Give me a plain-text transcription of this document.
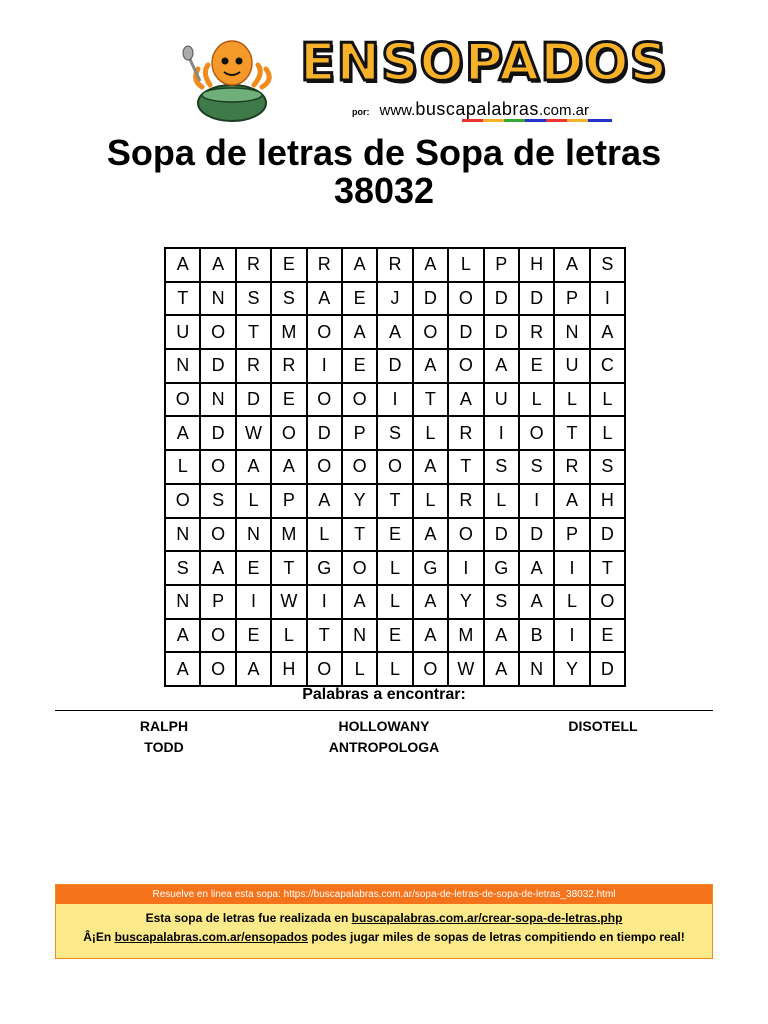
ENSOPADOS
por: www.buscapalabras.com.ar
Sopa de letras de Sopa de letras
38032
A	A	R	E	R	A	R	A	L	P	H	A	S
T	N	S	S	A	E	J	D	O	D	D	P	I
U	O	T	M	O	A	A	O	D	D	R	N	A
N	D	R	R	I	E	D	A	O	A	E	U	C
O	N	D	E	O	O	I	T	A	U	L	L	L
A	D	W	O	D	P	S	L	R	I	O	T	L
L	O	A	A	O	O	O	A	T	S	S	R	S
O	S	L	P	A	Y	T	L	R	L	I	A	H
N	O	N	M	L	T	E	A	O	D	D	P	D
S	A	E	T	G	O	L	G	I	G	A	I	T
N	P	I	W	I	A	L	A	Y	S	A	L	O
A	O	E	L	T	N	E	A	M	A	B	I	E
A	O	A	H	O	L	L	O	W	A	N	Y	D
Palabras a encontrar:
RALPH	HOLLOWANY	DISOTELL
TODD	ANTROPOLOGA
Resuelve en linea esta sopa: https://buscapalabras.com.ar/sopa-de-letras-de-sopa-de-letras_38032.html
Esta sopa de letras fue realizada en buscapalabras.com.ar/crear-sopa-de-letras.php
Â¡En buscapalabras.com.ar/ensopados podes jugar miles de sopas de letras compitiendo en tiempo real!
